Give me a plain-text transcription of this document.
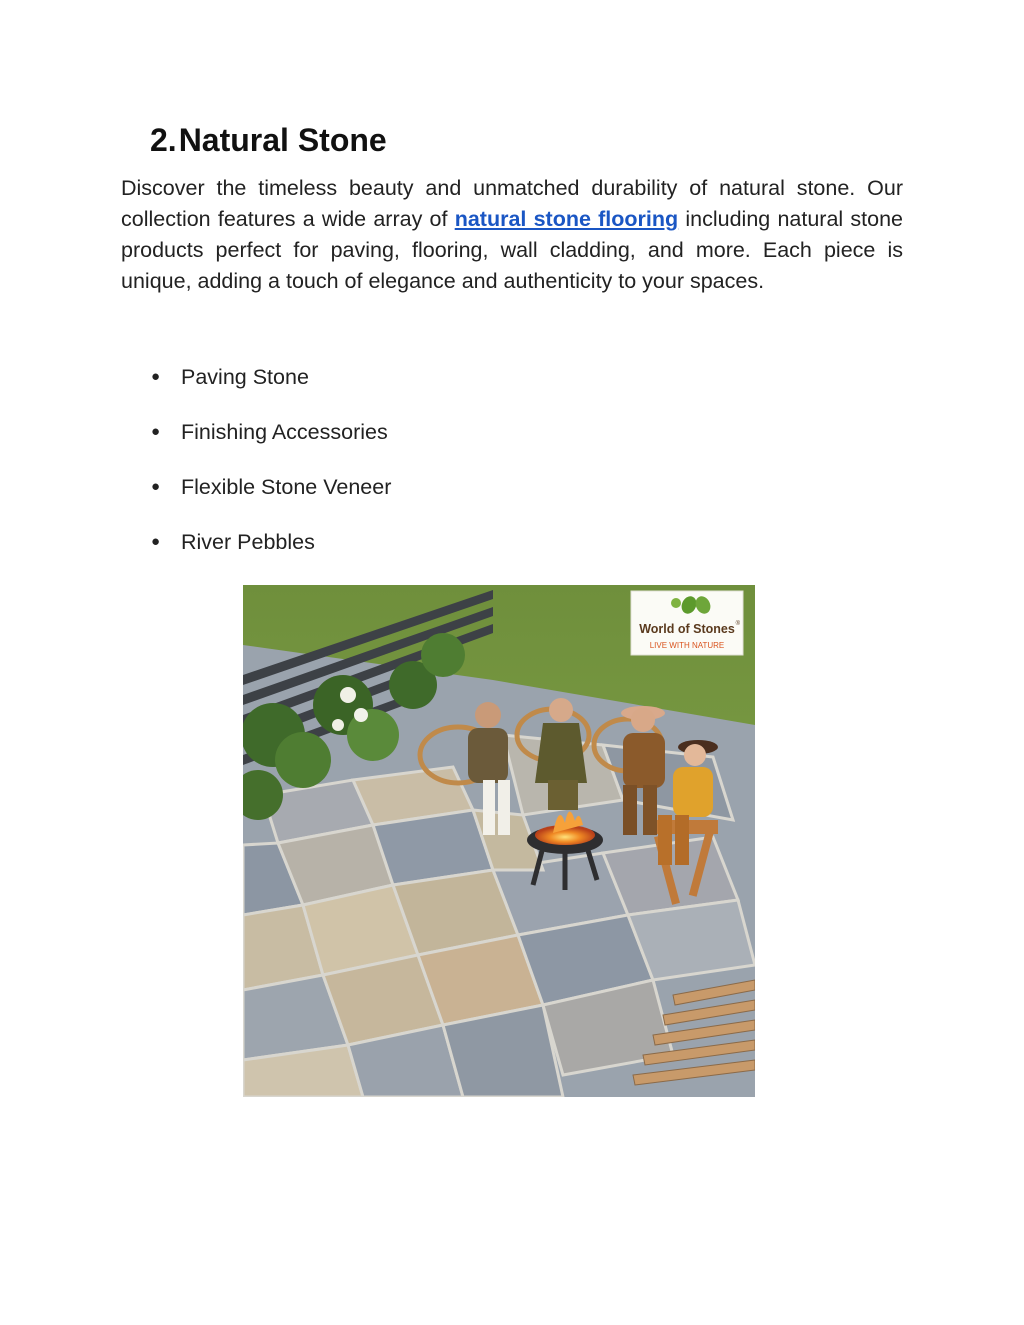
2.Natural Stone

Discover the timeless beauty and unmatched durability of natural stone. Our collection features a wide array of natural stone flooring including natural stone products perfect for paving, flooring, wall cladding, and more. Each piece is unique, adding a touch of elegance and authenticity to your spaces.

● Paving Stone
● Finishing Accessories
● Flexible Stone Veneer
● River Pebbles
World of Stones ®
LIVE WITH NATURE
